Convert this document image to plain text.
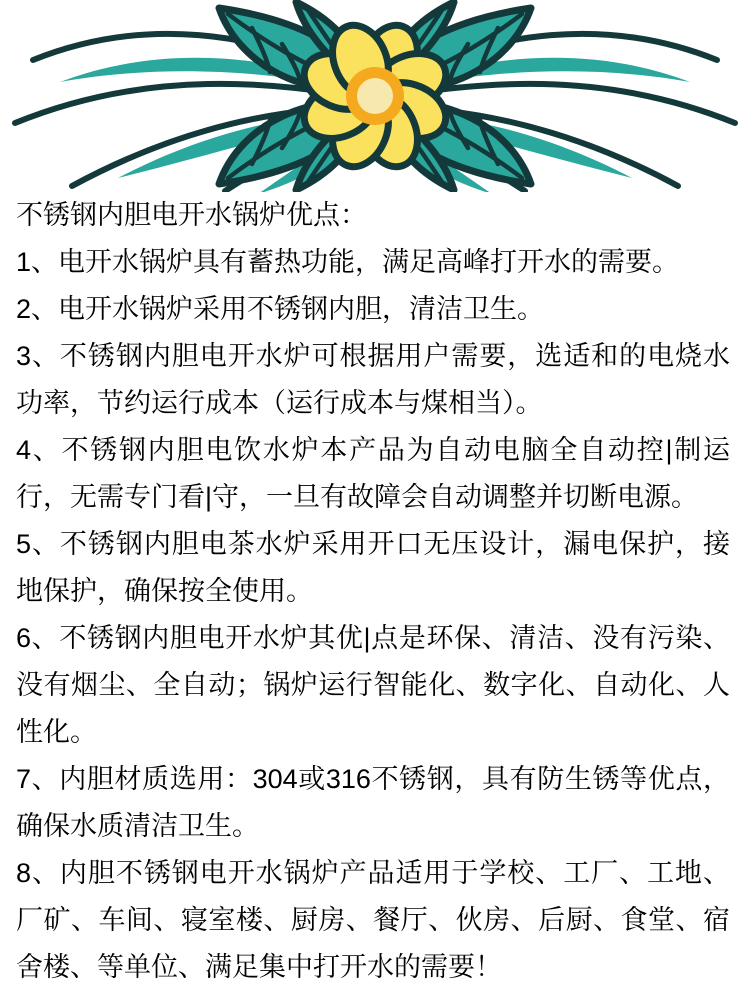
不锈钢内胆电开水锅炉优点：

1、电开水锅炉具有蓄热功能，满足高峰打开水的需要。

2、电开水锅炉采用不锈钢内胆，清洁卫生。

3、不锈钢内胆电开水炉可根据用户需要，选适和的电烧水功率，节约运行成本（运行成本与煤相当）。

4、不锈钢内胆电饮水炉本产品为自动电脑全自动控|制运行，无需专门看|守，一旦有故障会自动调整并切断电源。

5、不锈钢内胆电茶水炉采用开口无压设计，漏电保护，接地保护，确保按全使用。

6、不锈钢内胆电开水炉其优|点是环保、清洁、没有污染、没有烟尘、全自动；锅炉运行智能化、数字化、自动化、人性化。

7、内胆材质选用：304或316不锈钢，具有防生锈等优点，确保水质清洁卫生。

8、内胆不锈钢电开水锅炉产品适用于学校、工厂、工地、厂矿、车间、寝室楼、厨房、餐厅、伙房、后厨、食堂、宿舍楼、等单位、满足集中打开水的需要！
